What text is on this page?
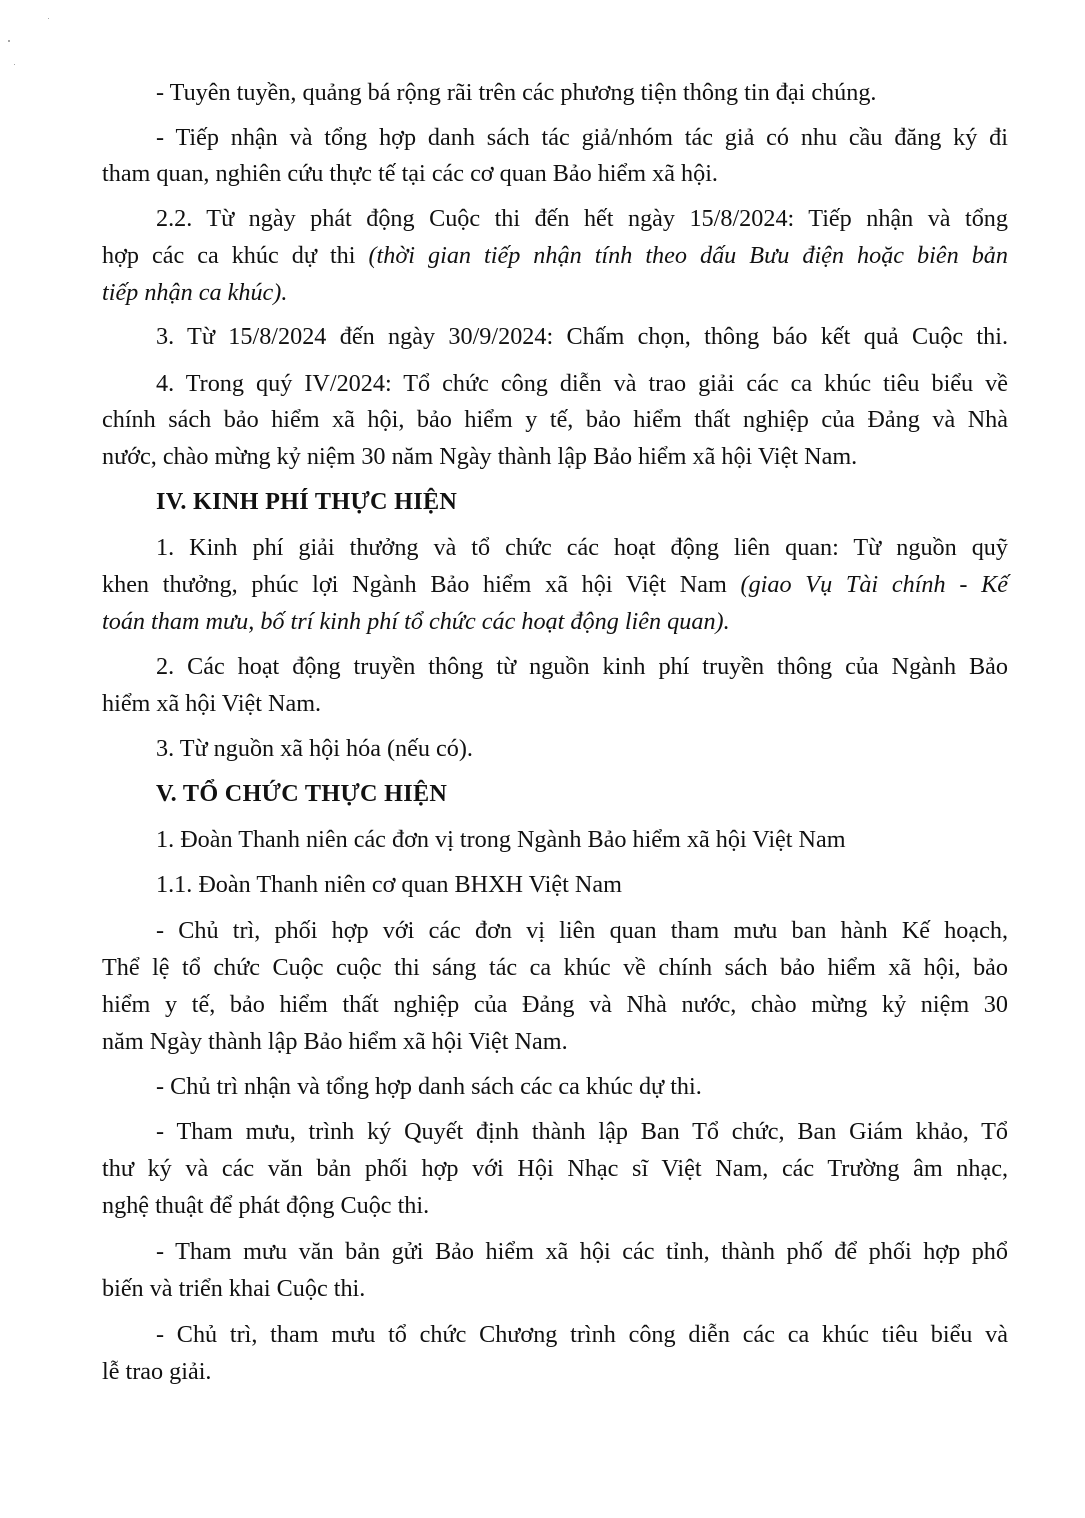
- Tuyên tuyền, quảng bá rộng rãi trên các phương tiện thông tin đại chúng.
- Tiếp nhận và tổng hợp danh sách tác giả/nhóm tác giả có nhu cầu đăng ký đi
tham quan, nghiên cứu thực tế tại các cơ quan Bảo hiểm xã hội.
2.2. Từ ngày phát động Cuộc thi đến hết ngày 15/8/2024: Tiếp nhận và tổng
hợp các ca khúc dự thi (thời gian tiếp nhận tính theo dấu Bưu điện hoặc biên bản
tiếp nhận ca khúc).
3. Từ 15/8/2024 đến ngày 30/9/2024: Chấm chọn, thông báo kết quả Cuộc thi.
4. Trong quý IV/2024: Tổ chức công diễn và trao giải các ca khúc tiêu biểu về
chính sách bảo hiểm xã hội, bảo hiểm y tế, bảo hiểm thất nghiệp của Đảng và Nhà
nước, chào mừng kỷ niệm 30 năm Ngày thành lập Bảo hiểm xã hội Việt Nam.
IV. KINH PHÍ THỰC HIỆN
1. Kinh phí giải thưởng và tổ chức các hoạt động liên quan: Từ nguồn quỹ
khen thưởng, phúc lợi Ngành Bảo hiểm xã hội Việt Nam (giao Vụ Tài chính - Kế
toán tham mưu, bố trí kinh phí tổ chức các hoạt động liên quan).
2. Các hoạt động truyền thông từ nguồn kinh phí truyền thông của Ngành Bảo
hiểm xã hội Việt Nam.
3. Từ nguồn xã hội hóa (nếu có).
V. TỔ CHỨC THỰC HIỆN
1. Đoàn Thanh niên các đơn vị trong Ngành Bảo hiểm xã hội Việt Nam
1.1. Đoàn Thanh niên cơ quan BHXH Việt Nam
- Chủ trì, phối hợp với các đơn vị liên quan tham mưu ban hành Kế hoạch,
Thể lệ tổ chức Cuộc cuộc thi sáng tác ca khúc về chính sách bảo hiểm xã hội, bảo
hiểm y tế, bảo hiểm thất nghiệp của Đảng và Nhà nước, chào mừng kỷ niệm 30
năm Ngày thành lập Bảo hiểm xã hội Việt Nam.
- Chủ trì nhận và tổng hợp danh sách các ca khúc dự thi.
- Tham mưu, trình ký Quyết định thành lập Ban Tổ chức, Ban Giám khảo, Tổ
thư ký và các văn bản phối hợp với Hội Nhạc sĩ Việt Nam, các Trường âm nhạc,
nghệ thuật để phát động Cuộc thi.
- Tham mưu văn bản gửi Bảo hiểm xã hội các tỉnh, thành phố để phối hợp phổ
biến và triển khai Cuộc thi.
- Chủ trì, tham mưu tổ chức Chương trình công diễn các ca khúc tiêu biểu và
lễ trao giải.
